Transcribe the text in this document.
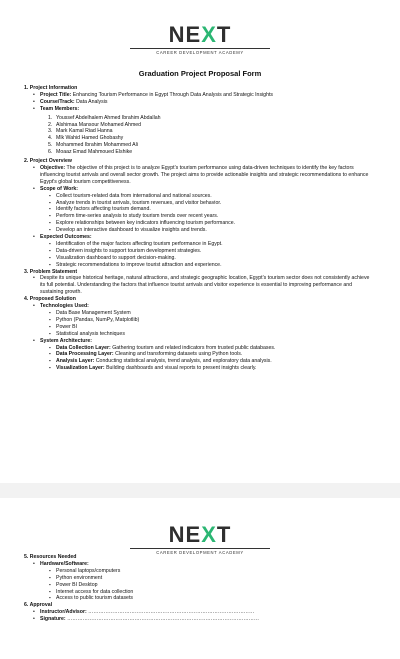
NEXT
CAREER DEVELOPMENT ACADEMY
Graduation Project Proposal Form
1. Project Information
• Project Title: Enhancing Tourism Performance in Egypt Through Data Analysis and Strategic Insights
• Course/Track: Data Analysis
• Team Members:
1. Youssef Abdelhalem Ahmed Ibrahim Abdallah
2. Alshimaa Mansour Mohamed Ahmed
3. Mark Kamal Riad Hanna
4. Mlk Wahid Hamed Ghobashy
5. Mohammed Ibrahim Mohammed Ali
6. Moaaz Emad Mahmoued Elshike
2. Project Overview
• Objective: The objective of this project is to analyze Egypt's tourism performance using data-driven techniques to identify the key factors influencing tourist arrivals and overall sector growth. The project aims to provide actionable insights and strategic recommendations to enhance Egypt's global tourism competitiveness.
• Scope of Work:
▪ Collect tourism-related data from international and national sources.
▪ Analyze trends in tourist arrivals, tourism revenues, and visitor behavior.
▪ Identify factors affecting tourism demand.
▪ Perform time-series analysis to study tourism trends over recent years.
▪ Explore relationships between key indicators influencing tourism performance.
▪ Develop an interactive dashboard to visualize insights and trends.
• Expected Outcomes:
▪ Identification of the major factors affecting tourism performance in Egypt.
▪ Data-driven insights to support tourism development strategies.
▪ Visualization dashboard to support decision-making.
▪ Strategic recommendations to improve tourist attraction and experience.
3. Problem Statement
• Despite its unique historical heritage, natural attractions, and strategic geographic location, Egypt's tourism sector does not consistently achieve its full potential. Understanding the factors that influence tourist arrivals and visitor experience is essential to improving performance and sustaining growth.
4. Proposed Solution
• Technologies Used:
▪ Data Base Management System
▪ Python (Pandas, NumPy, Matplotlib)
▪ Power BI
▪ Statistical analysis techniques
• System Architecture:
▪ Data Collection Layer: Gathering tourism and related indicators from trusted public databases.
▪ Data Processing Layer: Cleaning and transforming datasets using Python tools.
▪ Analysis Layer: Conducting statistical analysis, trend analysis, and exploratory data analysis.
▪ Visualization Layer: Building dashboards and visual reports to present insights clearly.
NEXT
CAREER DEVELOPMENT ACADEMY
5. Resources Needed
• Hardware/Software:
▪ Personal laptops/computers
▪ Python environment
▪ Power BI Desktop
▪ Internet access for data collection
▪ Access to public tourism datasets
6. Approval
• Instructor/Advisor: ……………………………………………………………………………………
• Signature: …………………………………………………………………………………………………
